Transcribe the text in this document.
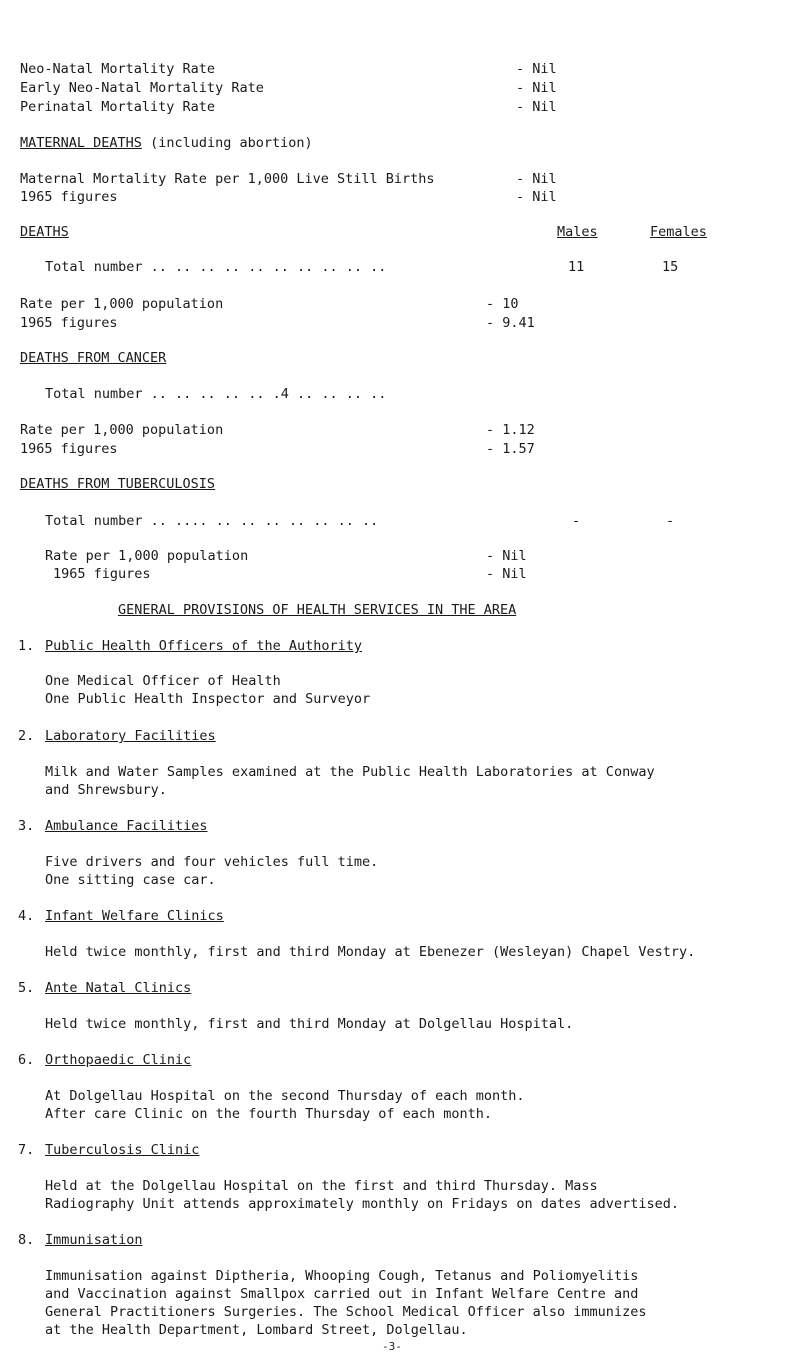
Neo-Natal Mortality Rate	- Nil
Early Neo-Natal Mortality Rate	- Nil
Perinatal Mortality Rate	- Nil
MATERNAL DEATHS (including abortion)
Maternal Mortality Rate per 1,000 Live Still Births	- Nil
1965 figures	- Nil
DEATHS	Males	Females
Total number .. .. .. .. .. .. .. .. .. ..	11	15
Rate per 1,000 population	- 10
1965 figures	- 9.41
DEATHS FROM CANCER
Total number .. .. .. .. .. .4 .. .. .. ..
Rate per 1,000 population	- 1.12
1965 figures	- 1.57
DEATHS FROM TUBERCULOSIS
Total number .. .... .. .. .. .. .. .. ..	-	-
Rate per 1,000 population	- Nil
1965 figures	- Nil
GENERAL PROVISIONS OF HEALTH SERVICES IN THE AREA
1. Public Health Officers of the Authority
One Medical Officer of Health
One Public Health Inspector and Surveyor
2. Laboratory Facilities
Milk and Water Samples examined at the Public Health Laboratories at Conway
and Shrewsbury.
3. Ambulance Facilities
Five drivers and four vehicles full time.
One sitting case car.
4. Infant Welfare Clinics
Held twice monthly, first and third Monday at Ebenezer (Wesleyan) Chapel Vestry.
5. Ante Natal Clinics
Held twice monthly, first and third Monday at Dolgellau Hospital.
6. Orthopaedic Clinic
At Dolgellau Hospital on the second Thursday of each month.
After care Clinic on the fourth Thursday of each month.
7. Tuberculosis Clinic
Held at the Dolgellau Hospital on the first and third Thursday. Mass
Radiography Unit attends approximately monthly on Fridays on dates advertised.
8. Immunisation
Immunisation against Diptheria, Whooping Cough, Tetanus and Poliomyelitis
and Vaccination against Smallpox carried out in Infant Welfare Centre and
General Practitioners Surgeries. The School Medical Officer also immunizes
at the Health Department, Lombard Street, Dolgellau.
-3-
